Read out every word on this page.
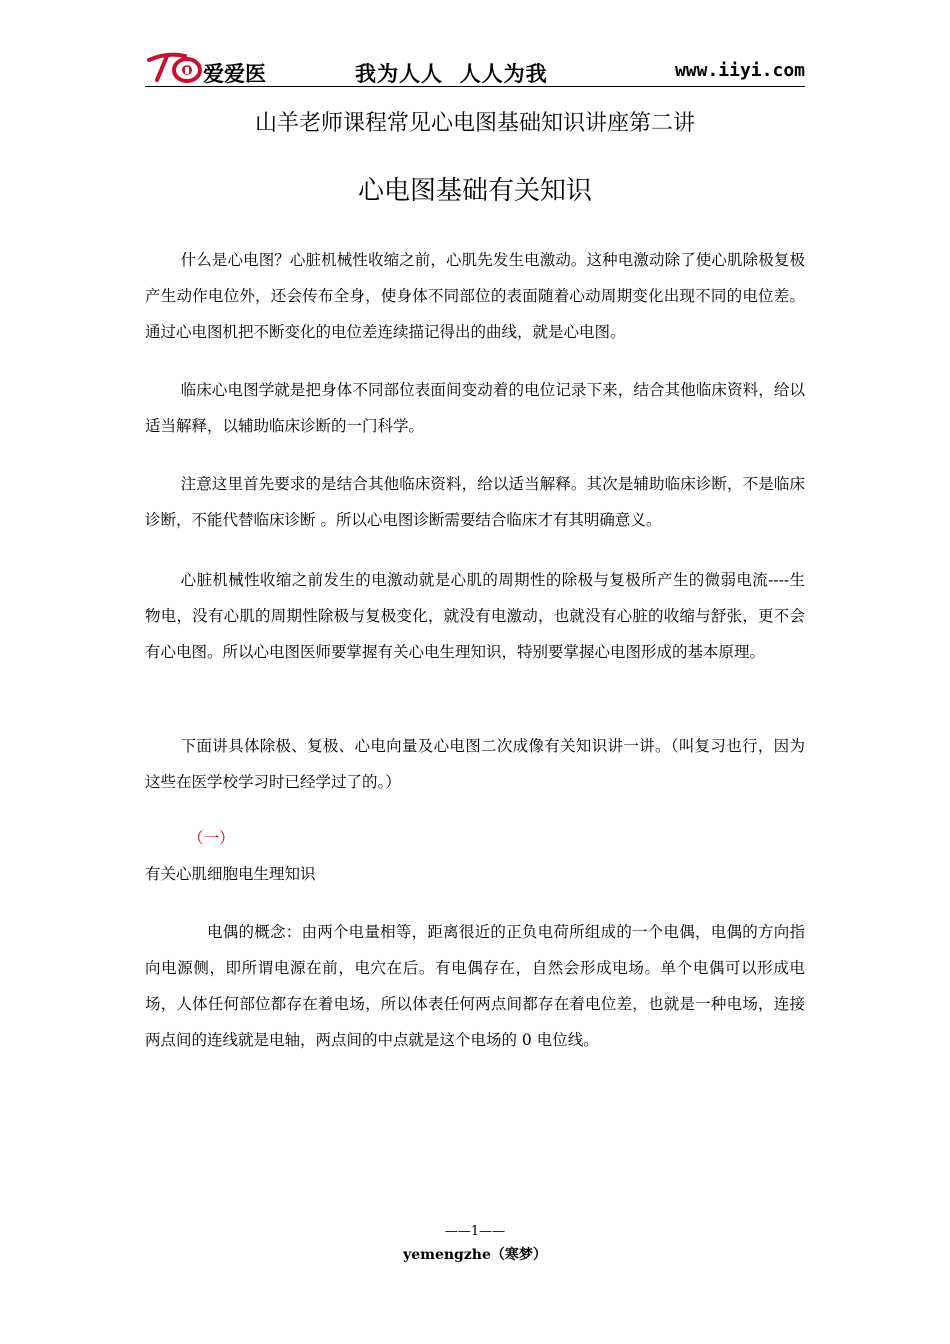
爱爱医	我为人人  人人为我	www.iiyi.com
山羊老师课程常见心电图基础知识讲座第二讲
心电图基础有关知识

什么是心电图？心脏机械性收缩之前，心肌先发生电激动。这种电激动除了使心肌除极复极产生动作电位外，还会传布全身，使身体不同部位的表面随着心动周期变化出现不同的电位差。通过心电图机把不断变化的电位差连续描记得出的曲线，就是心电图。

临床心电图学就是把身体不同部位表面间变动着的电位记录下来，结合其他临床资料，给以适当解释，以辅助临床诊断的一门科学。

注意这里首先要求的是结合其他临床资料，给以适当解释。其次是辅助临床诊断，不是临床诊断，不能代替临床诊断 。所以心电图诊断需要结合临床才有其明确意义。

心脏机械性收缩之前发生的电激动就是心肌的周期性的除极与复极所产生的微弱电流----生物电，没有心肌的周期性除极与复极变化，就没有电激动，也就没有心脏的收缩与舒张，更不会有心电图。所以心电图医师要掌握有关心电生理知识，特别要掌握心电图形成的基本原理。

下面讲具体除极、复极、心电向量及心电图二次成像有关知识讲一讲。（叫复习也行，因为这些在医学校学习时已经学过了的。）

（一）
有关心肌细胞电生理知识

电偶的概念：由两个电量相等，距离很近的正负电荷所组成的一个电偶，电偶的方向指向电源侧，即所谓电源在前，电穴在后。有电偶存在，自然会形成电场。单个电偶可以形成电场，人体任何部位都存在着电场，所以体表任何两点间都存在着电位差，也就是一种电场，连接两点间的连线就是电轴，两点间的中点就是这个电场的 0 电位线。

——1——
yemengzhe（寒梦）
